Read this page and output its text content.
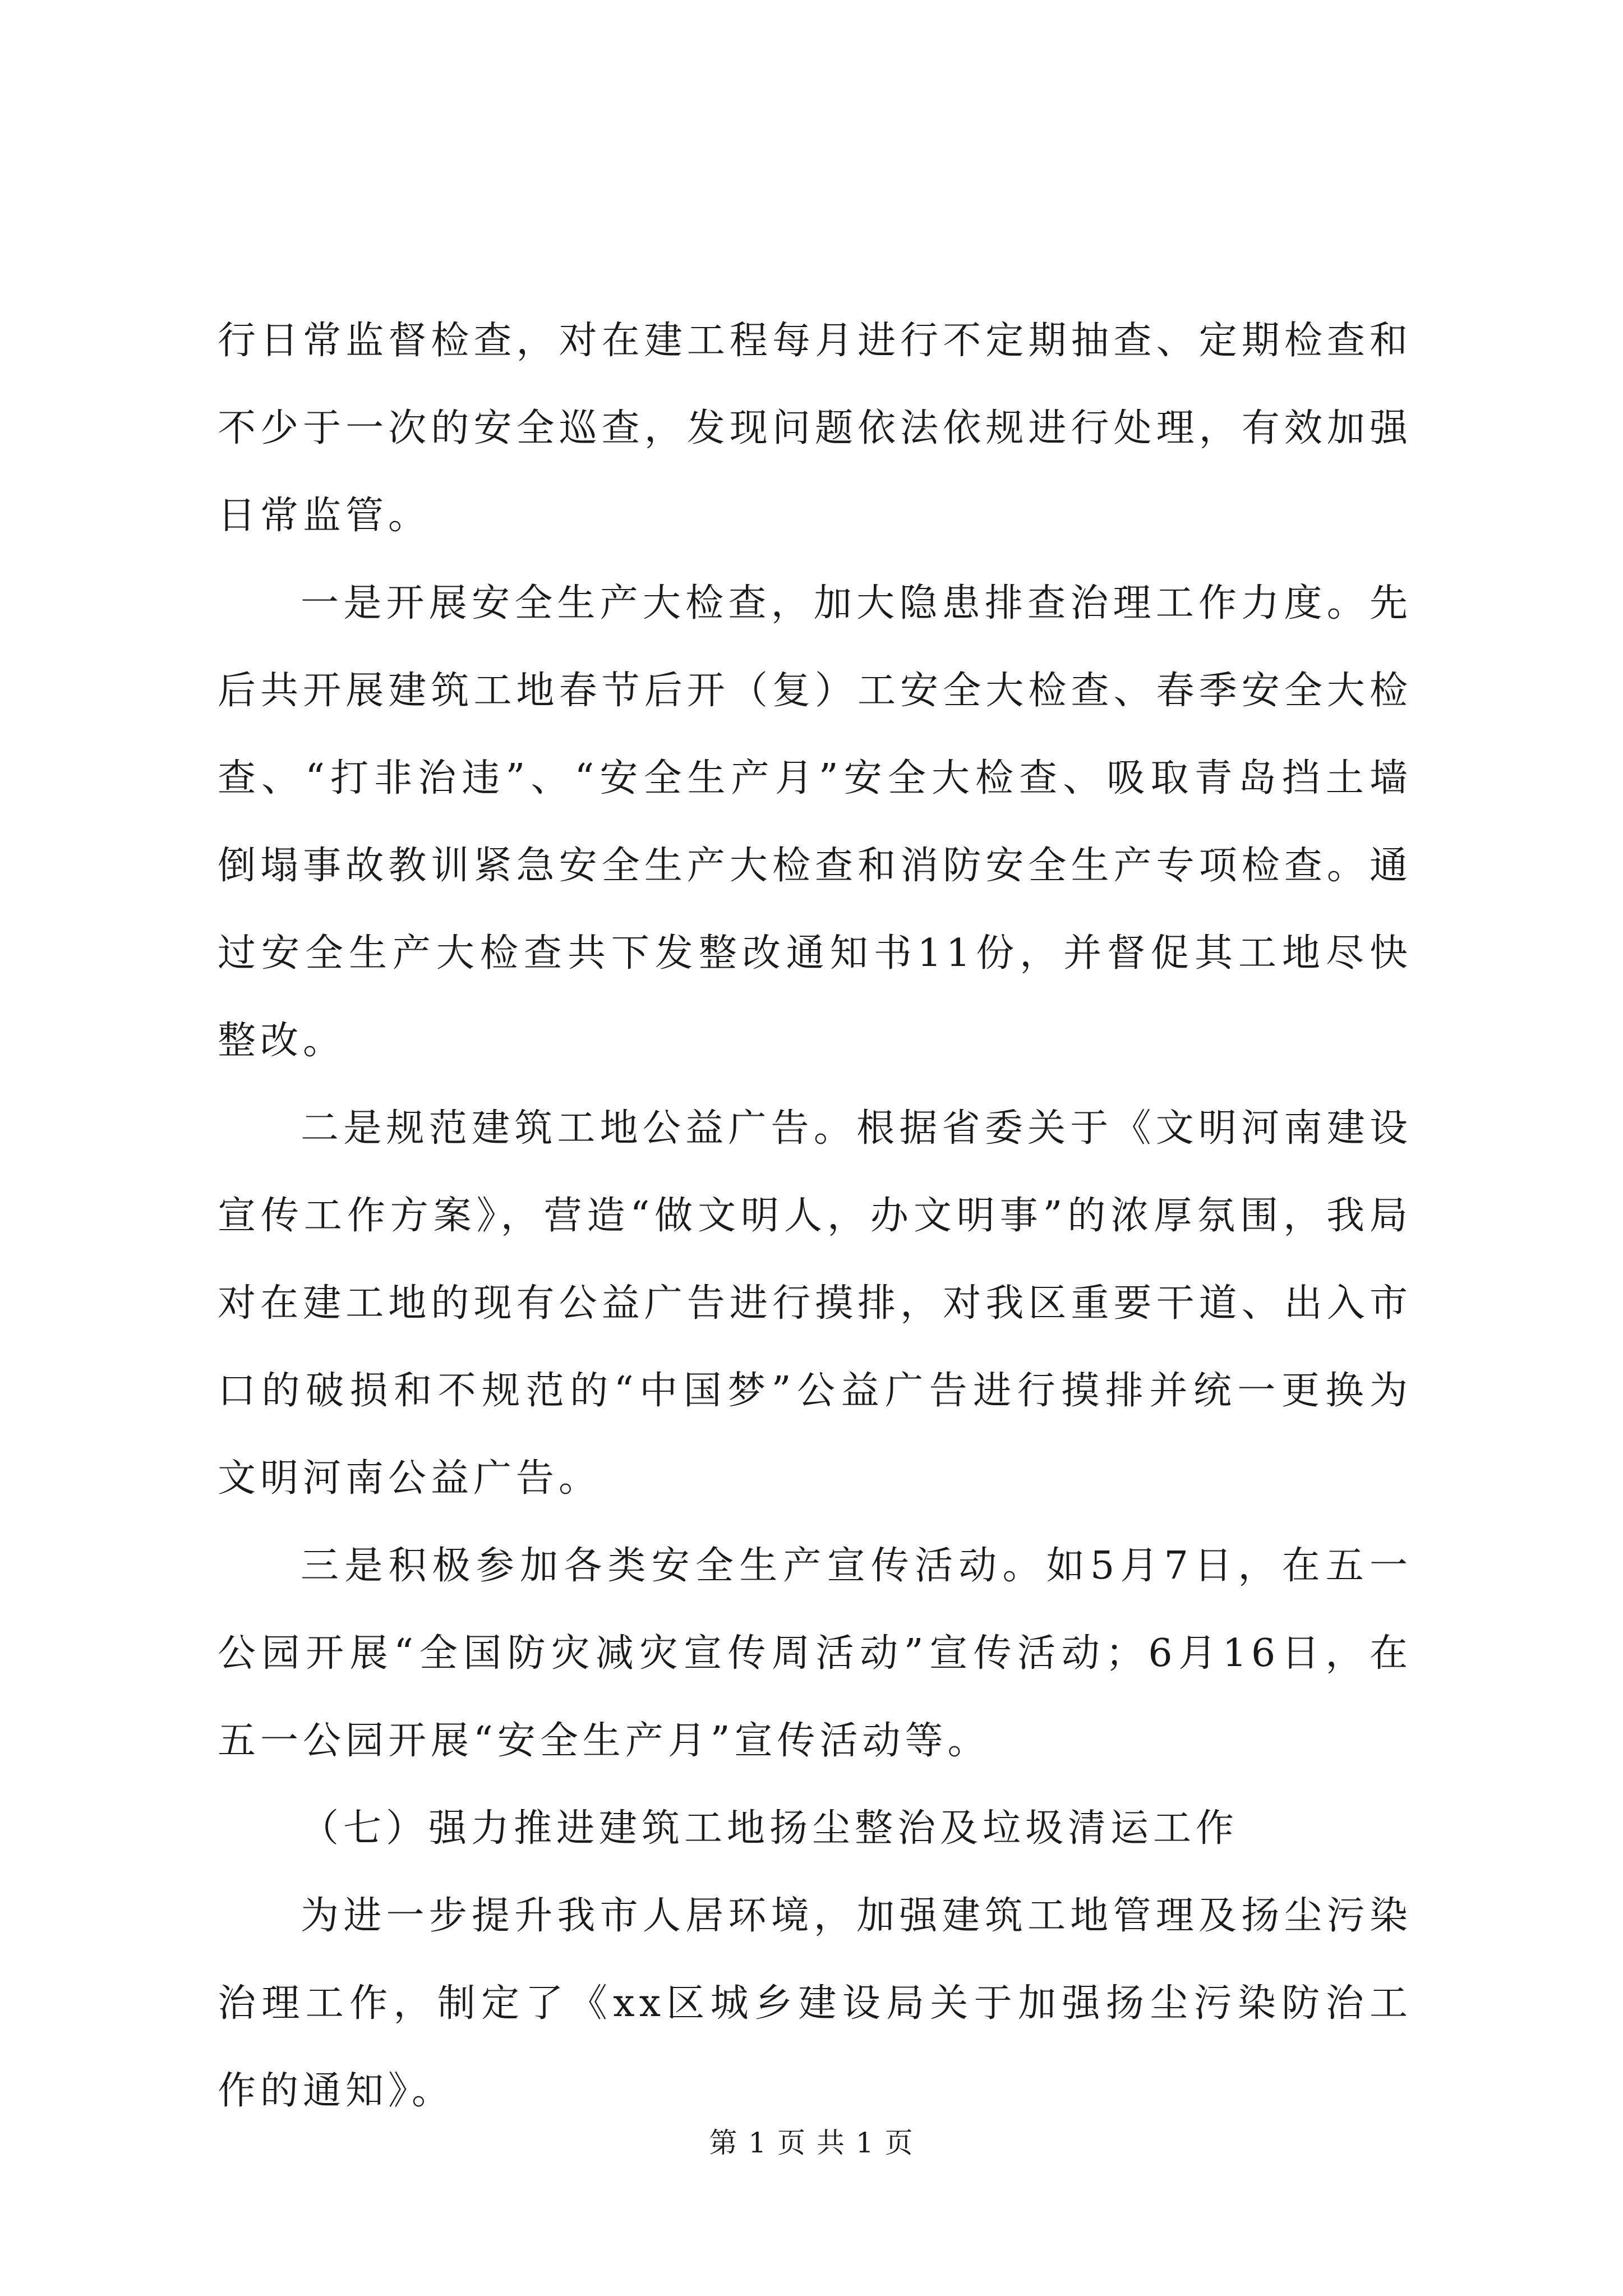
行日常监督检查，对在建工程每月进行不定期抽查、定期检查和不少于一次的安全巡查，发现问题依法依规进行处理，有效加强日常监管。

一是开展安全生产大检查，加大隐患排查治理工作力度。先后共开展建筑工地春节后开（复）工安全大检查、春季安全大检查、“打非治违”、“安全生产月”安全大检查、吸取青岛挡土墙倒塌事故教训紧急安全生产大检查和消防安全生产专项检查。通过安全生产大检查共下发整改通知书11份，并督促其工地尽快整改。

二是规范建筑工地公益广告。根据省委关于《文明河南建设宣传工作方案》，营造“做文明人，办文明事”的浓厚氛围，我局对在建工地的现有公益广告进行摸排，对我区重要干道、出入市口的破损和不规范的“中国梦”公益广告进行摸排并统一更换为文明河南公益广告。

三是积极参加各类安全生产宣传活动。如5月7日，在五一公园开展“全国防灾减灾宣传周活动”宣传活动；6月16日，在五一公园开展“安全生产月”宣传活动等。

（七）强力推进建筑工地扬尘整治及垃圾清运工作

为进一步提升我市人居环境，加强建筑工地管理及扬尘污染治理工作，制定了《xx区城乡建设局关于加强扬尘污染防治工作的通知》。

第 1 页 共 1 页
